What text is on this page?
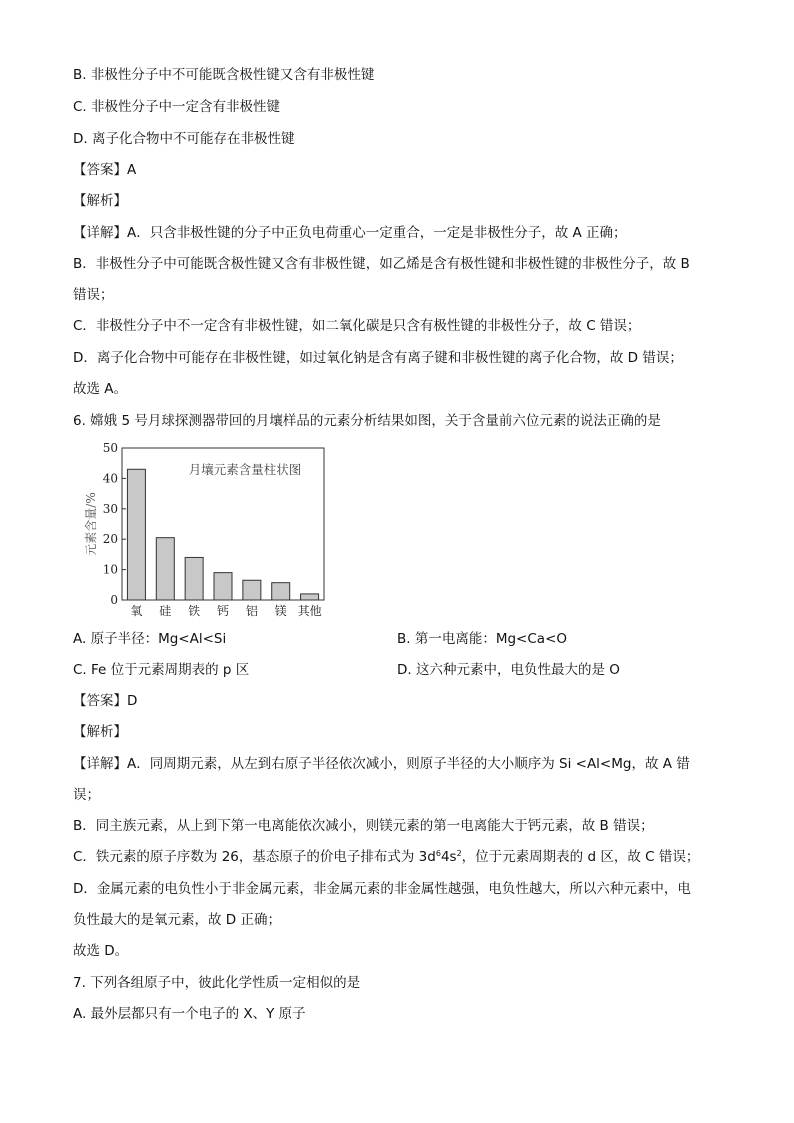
B. 非极性分子中不可能既含极性键又含有非极性键
C. 非极性分子中一定含有非极性键
D. 离子化合物中不可能存在非极性键
【答案】A
【解析】
【详解】A．只含非极性键的分子中正负电荷重心一定重合，一定是非极性分子，故 A 正确；
B．非极性分子中可能既含极性键又含有非极性键，如乙烯是含有极性键和非极性键的非极性分子，故 B
错误；
C．非极性分子中不一定含有非极性键，如二氧化碳是只含有极性键的非极性分子，故 C 错误；
D．离子化合物中可能存在非极性键，如过氧化钠是含有离子键和非极性键的离子化合物，故 D 错误；
故选 A。
6. 嫦娥 5 号月球探测器带回的月壤样品的元素分析结果如图，关于含量前六位元素的说法正确的是
0
10
20
30
40
50
元素含量/%
月壤元素含量柱状图
氧 硅 铁 钙 铝 镁 其他
A. 原子半径：Mg<Al<Si	B. 第一电离能：Mg<Ca<O
C. Fe 位于元素周期表的 p 区	D. 这六种元素中，电负性最大的是 O
【答案】D
【解析】
【详解】A．同周期元素，从左到右原子半径依次减小，则原子半径的大小顺序为 Si <Al<Mg，故 A 错
误；
B．同主族元素，从上到下第一电离能依次减小，则镁元素的第一电离能大于钙元素，故 B 错误；
C．铁元素的原子序数为 26，基态原子的价电子排布式为 $3d^64s^2$，位于元素周期表的 d 区，故 C 错误；
D．金属元素的电负性小于非金属元素，非金属元素的非金属性越强，电负性越大，所以六种元素中，电
负性最大的是氧元素，故 D 正确；
故选 D。
7. 下列各组原子中，彼此化学性质一定相似的是
A. 最外层都只有一个电子的 X、Y 原子
